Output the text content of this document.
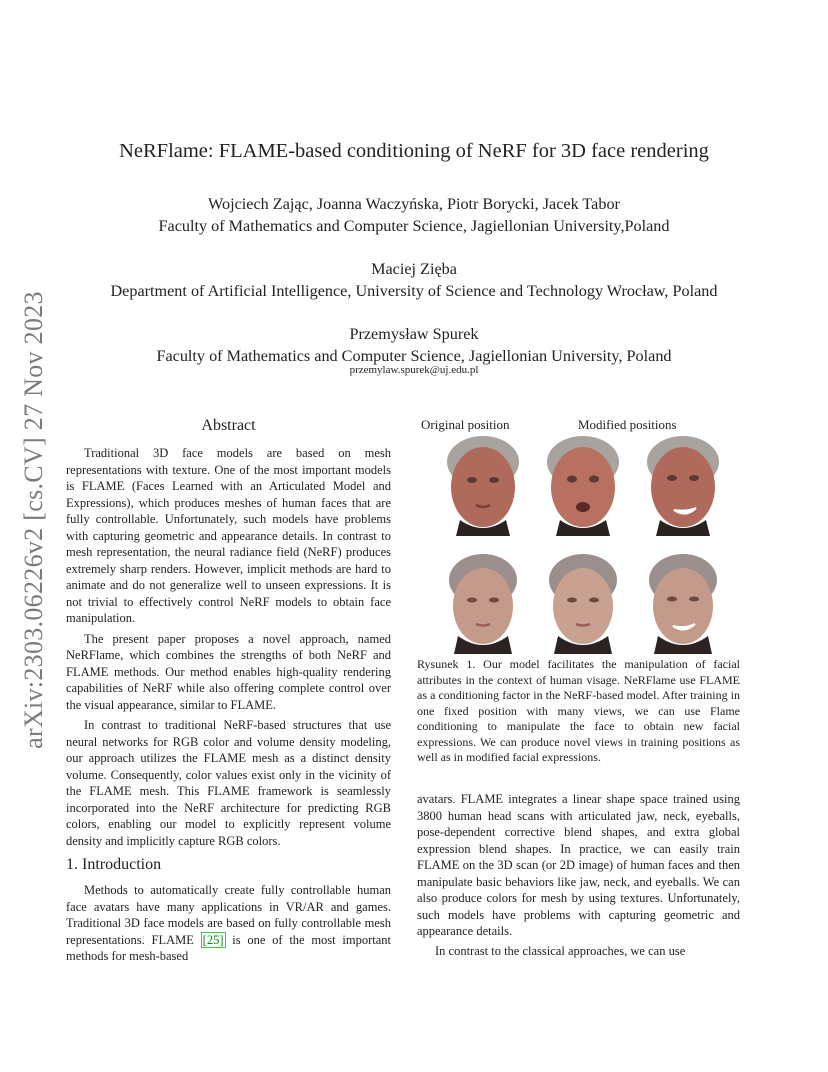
arXiv:2303.06226v2 [cs.CV] 27 Nov 2023
NeRFlame: FLAME-based conditioning of NeRF for 3D face rendering
Wojciech Zając, Joanna Waczyńska, Piotr Borycki, Jacek Tabor
Faculty of Mathematics and Computer Science, Jagiellonian University,Poland
Maciej Zięba
Department of Artificial Intelligence, University of Science and Technology Wrocław, Poland
Przemysław Spurek
Faculty of Mathematics and Computer Science, Jagiellonian University, Poland
przemylaw.spurek@uj.edu.pl
Abstract

Traditional 3D face models are based on mesh representations with texture. One of the most important models is FLAME (Faces Learned with an Articulated Model and Expressions), which produces meshes of human faces that are fully controllable. Unfortunately, such models have problems with capturing geometric and appearance details. In contrast to mesh representation, the neural radiance field (NeRF) produces extremely sharp renders. However, implicit methods are hard to animate and do not generalize well to unseen expressions. It is not trivial to effectively control NeRF models to obtain face manipulation.

The present paper proposes a novel approach, named NeRFlame, which combines the strengths of both NeRF and FLAME methods. Our method enables high-quality rendering capabilities of NeRF while also offering complete control over the visual appearance, similar to FLAME.

In contrast to traditional NeRF-based structures that use neural networks for RGB color and volume density modeling, our approach utilizes the FLAME mesh as a distinct density volume. Consequently, color values exist only in the vicinity of the FLAME mesh. This FLAME framework is seamlessly incorporated into the NeRF architecture for predicting RGB colors, enabling our model to explicitly represent volume density and implicitly capture RGB colors.

1. Introduction

Methods to automatically create fully controllable human face avatars have many applications in VR/AR and games. Traditional 3D face models are based on fully controllable mesh representations. FLAME [25] is one of the most important methods for mesh-based

Original position	Modified positions
Rysunek 1. Our model facilitates the manipulation of facial attributes in the context of human visage. NeRFlame use FLAME as a conditioning factor in the NeRF-based model. After training in one fixed position with many views, we can use Flame conditioning to manipulate the face to obtain new facial expressions. We can produce novel views in training positions as well as in modified facial expressions.

avatars. FLAME integrates a linear shape space trained using 3800 human head scans with articulated jaw, neck, eyeballs, pose-dependent corrective blend shapes, and extra global expression blend shapes. In practice, we can easily train FLAME on the 3D scan (or 2D image) of human faces and then manipulate basic behaviors like jaw, neck, and eyeballs. We can also produce colors for mesh by using textures. Unfortunately, such models have problems with capturing geometric and appearance details.

In contrast to the classical approaches, we can use
